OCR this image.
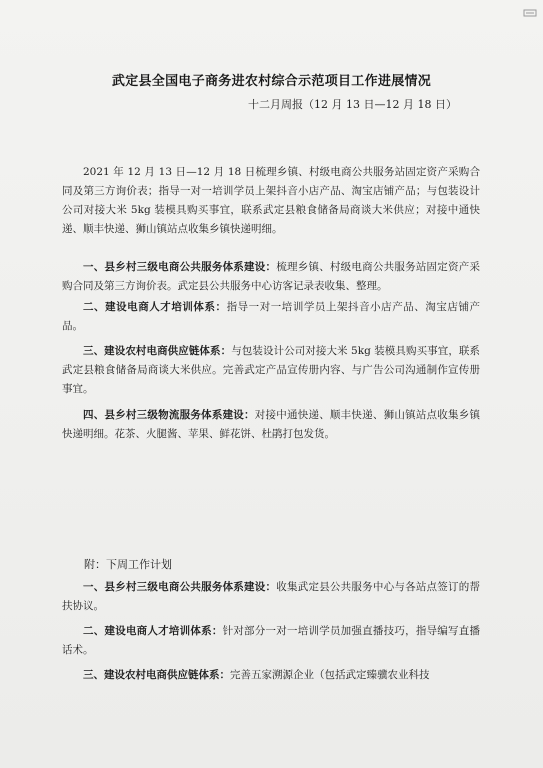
武定县全国电子商务进农村综合示范项目工作进展情况
十二月周报（12 月 13 日—12 月 18 日）

2021 年 12 月 13 日—12 月 18 日梳理乡镇、村级电商公共服务站固定资产采购合同及第三方询价表；指导一对一培训学员上架抖音小店产品、淘宝店铺产品；与包装设计公司对接大米 5kg 装模具购买事宜，联系武定县粮食储备局商谈大米供应；对接中通快递、顺丰快递、狮山镇站点收集乡镇快递明细。

一、县乡村三级电商公共服务体系建设：梳理乡镇、村级电商公共服务站固定资产采购合同及第三方询价表。武定县公共服务中心访客记录表收集、整理。

二、建设电商人才培训体系：指导一对一培训学员上架抖音小店产品、淘宝店铺产品。

三、建设农村电商供应链体系：与包装设计公司对接大米 5kg 装模具购买事宜，联系武定县粮食储备局商谈大米供应。完善武定产品宣传册内容、与广告公司沟通制作宣传册事宜。

四、县乡村三级物流服务体系建设：对接中通快递、顺丰快递、狮山镇站点收集乡镇快递明细。花茶、火腿酱、苹果、鲜花饼、杜鹃打包发货。

附：下周工作计划

一、县乡村三级电商公共服务体系建设：收集武定县公共服务中心与各站点签订的帮扶协议。

二、建设电商人才培训体系：针对部分一对一培训学员加强直播技巧，指导编写直播话术。

三、建设农村电商供应链体系：完善五家溯源企业（包括武定臻骥农业科技
